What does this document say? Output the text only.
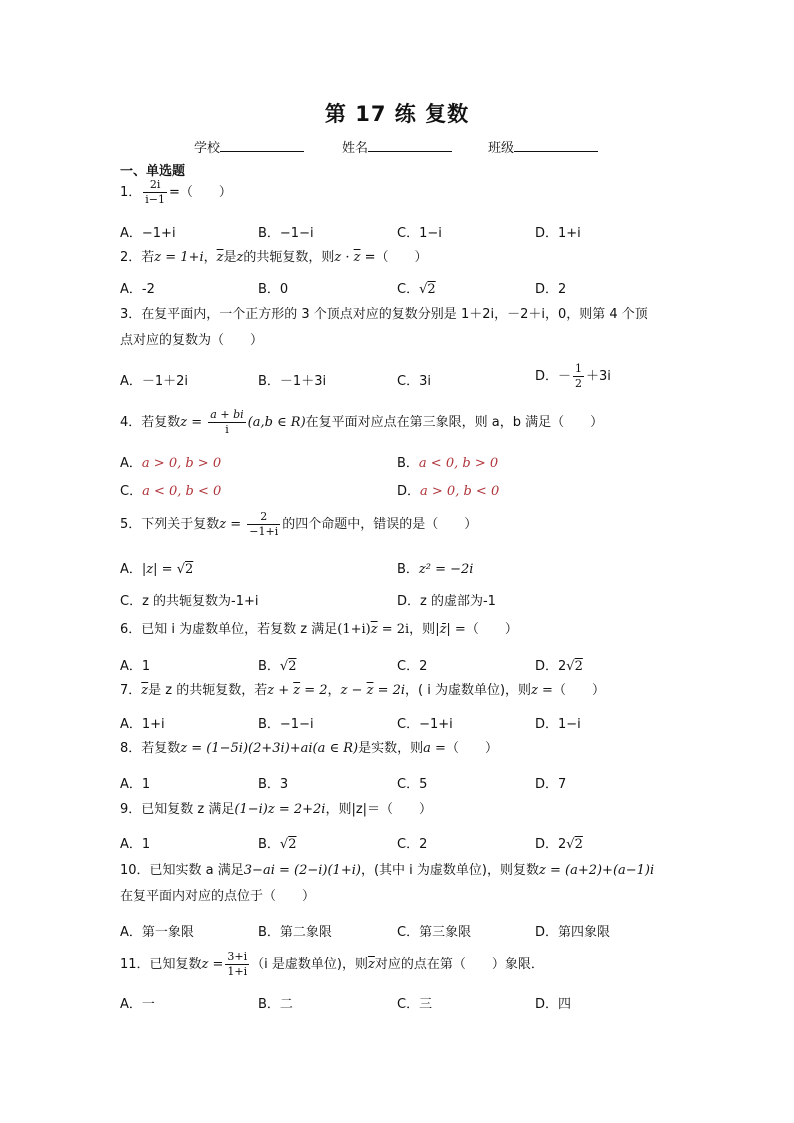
第 17 练 复数
学校	姓名	班级
一、单选题
1． $\frac{2i}{i-1}$ =（　　）
A．−1+i	B．−1−i	C．1−i	D．1+i
2．若z = 1+i，$\overline{z}$是z的共轭复数，则$z \cdot \overline{z}$ =（　　）
A．-2	B．0	C．√2	D．2
3．在复平面内，一个正方形的 3 个顶点对应的复数分别是 1＋2i，－2＋i，0，则第 4 个顶
点对应的复数为（　　）
A．－1＋2i	B．－1＋3i	C．3i	D．－ $\frac{1}{2} +3i$
4．若复数$z = \frac{a + bi}{i} (a,b$ ∈ R)在复平面对应点在第三象限，则 a，b 满足（　　）
A．a > 0, b > 0	B．a < 0, b > 0
C．a < 0, b < 0	D．a > 0, b < 0
5．下列关于复数$z = \frac{2}{-1+i}$ 的四个命题中，错误的是（　　）
A．|z| = √2	B．z² = −2i
C．z 的共轭复数为-1+i	D．z 的虚部为-1
6．已知 i 为虚数单位，若复数 z 满足$(1+i)\overline{z} = 2i$，则|z̄| =（　　）
A．1	B．√2	C．2	D．2√2
7．$\overline{z}$是 z 的共轭复数，若$z + \overline{z} = 2$，$z - \overline{z} = 2i$，( i 为虚数单位)，则z =（　　）
A．1+i	B．−1−i	C．−1+i	D．1−i
8．若复数z = (1−5i)(2+3i)+ai(a ∈ R)是实数，则a =（　　）
A．1	B．3	C．5	D．7
9．已知复数 z 满足(1−i)z = 2+2i，则|z|＝（　　）
A．1	B．√2	C．2	D．2√2
10．已知实数 a 满足3−ai = (2−i)(1+i)，(其中 i 为虚数单位)，则复数z = (a+2)+(a−1)i
在复平面内对应的点位于（　　）
A．第一象限	B．第二象限	C．第三象限	D．第四象限
11．已知复数$z = \frac{3+i}{1+i} (i$ 是虚数单位)，则$\overline{z}$对应的点在第（　　）象限．
A．一	B．二	C．三	D．四
